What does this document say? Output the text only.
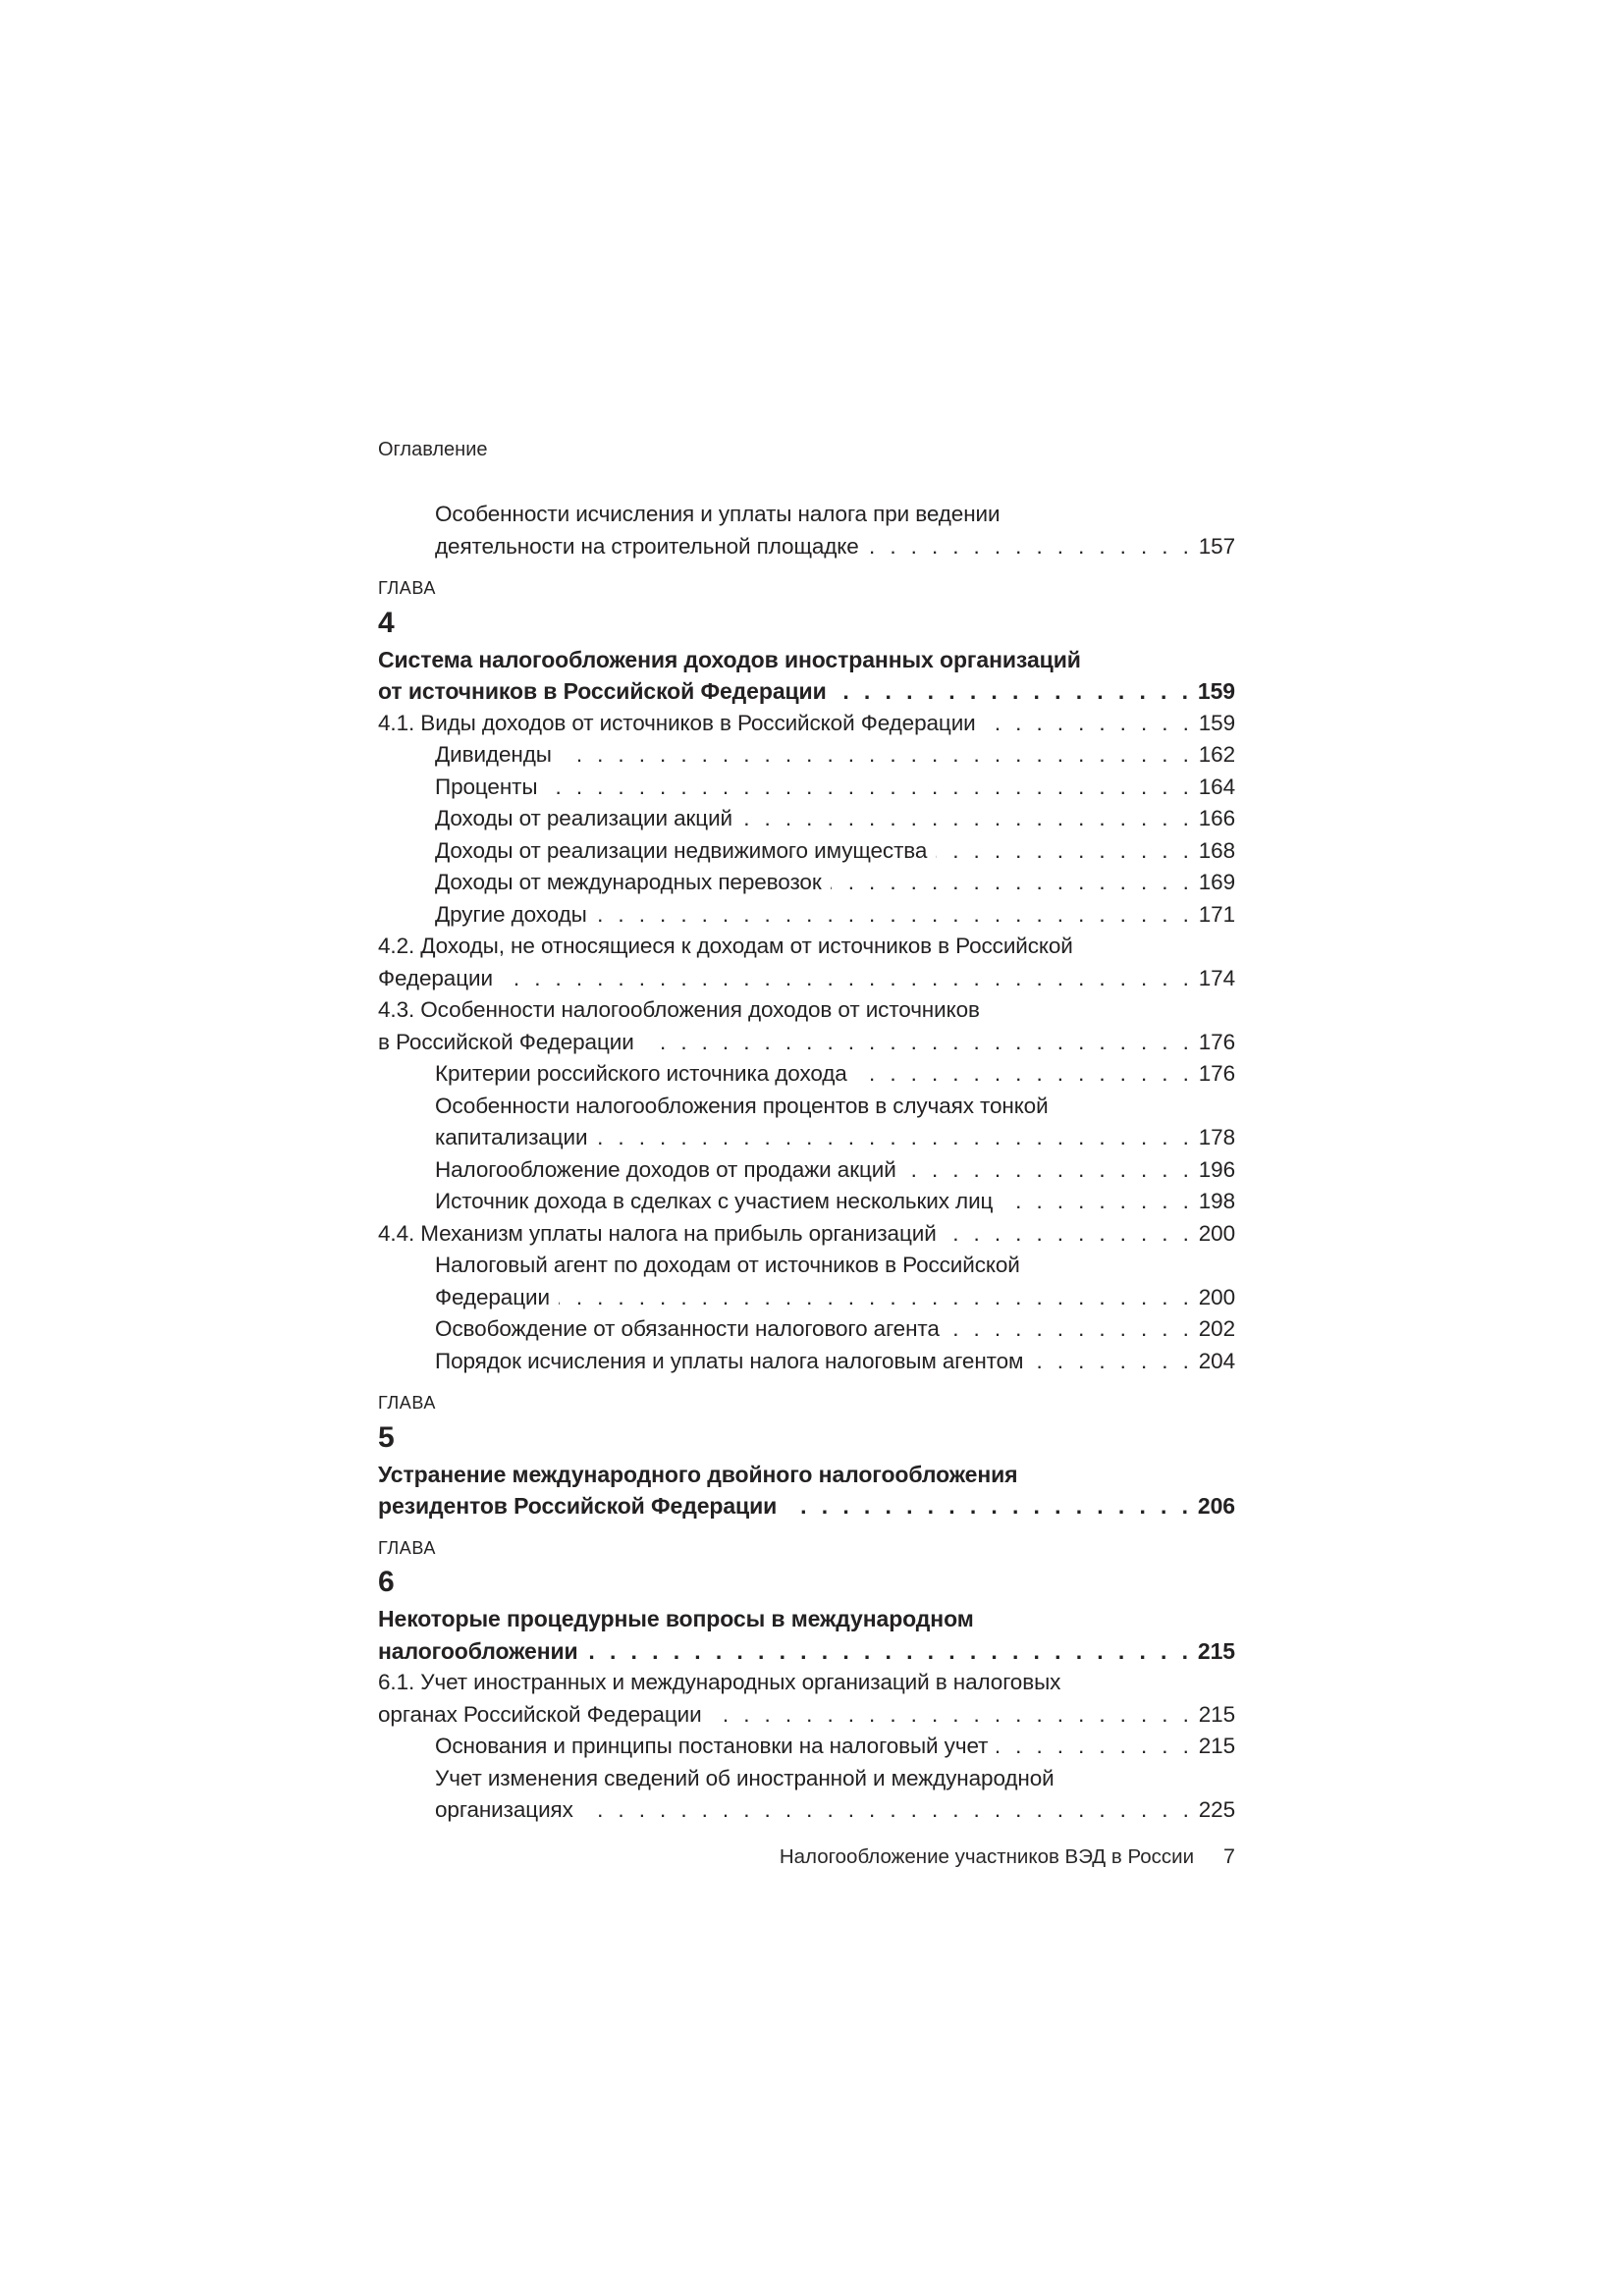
Оглавление
Особенности исчисления и уплаты налога при ведении
деятельности на строительной площадке . . .	157
ГЛАВА
4
Система налогообложения доходов иностранных организаций
от источников в Российской Федерации . . .	159
4.1. Виды доходов от источников в Российской Федерации . . .	159
Дивиденды . . .	162
Проценты . . .	164
Доходы от реализации акций . . .	166
Доходы от реализации недвижимого имущества . . .	168
Доходы от международных перевозок . . .	169
Другие доходы . . .	171
4.2. Доходы, не относящиеся к доходам от источников в Российской
Федерации . . .	174
4.3. Особенности налогообложения доходов от источников
в Российской Федерации . . .	176
Критерии российского источника дохода . . .	176
Особенности налогообложения процентов в случаях тонкой
капитализации . . .	178
Налогообложение доходов от продажи акций . . .	196
Источник дохода в сделках с участием нескольких лиц . . .	198
4.4. Механизм уплаты налога на прибыль организаций . . .	200
Налоговый агент по доходам от источников в Российской
Федерации . . .	200
Освобождение от обязанности налогового агента . . .	202
Порядок исчисления и уплаты налога налоговым агентом . . .	204
ГЛАВА
5
Устранение международного двойного налогообложения
резидентов Российской Федерации . . .	206
ГЛАВА
6
Некоторые процедурные вопросы в международном
налогообложении . . .	215
6.1. Учет иностранных и международных организаций в налоговых
органах Российской Федерации . . .	215
Основания и принципы постановки на налоговый учет . . .	215
Учет изменения сведений об иностранной и международной
организациях . . .	225
Налогообложение участников ВЭД в России 7
